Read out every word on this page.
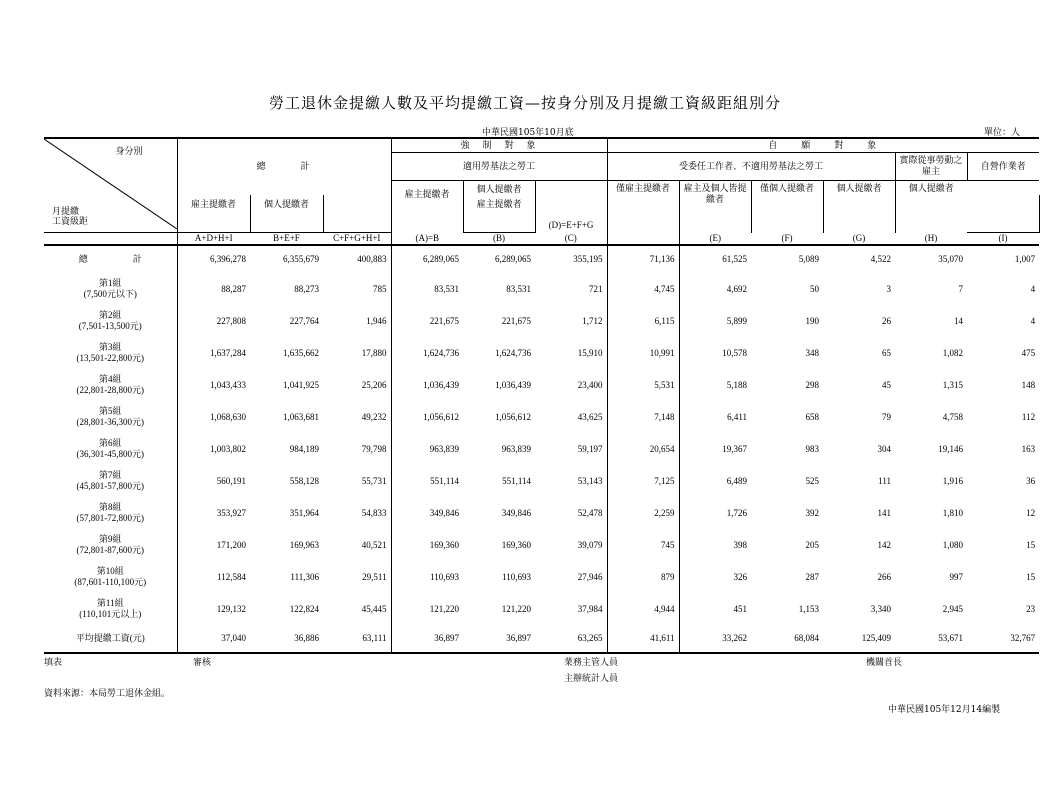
勞工退休金提繳人數及平均提繳工資—按身分別及月提繳工資級距組別分
中華民國105年10月底	單位：人
身分別
月提繳
工資級距	總　　　計			強　制　對　象			自　　願　　對　　象					
				適用勞基法之勞工			受委任工作者、不適用勞基法之勞工				實際從事勞動之雇主	自營作業者
				雇主提繳者	個人提繳者	(D)=E+F+G	僅雇主提繳者	雇主及個人皆提繳者	僅個人提繳者	個人提繳者	個人提繳者	
	雇主提繳者	個人提繳者			雇主提繳者							
	A+D+H+I	B+E+F	C+F+G+H+I	(A)=B	(B)	(C)		(E)	(F)	(G)	(H)	(I)
總　　　　　計	6,396,278	6,355,679	400,883	6,289,065	6,289,065	355,195	71,136	61,525	5,089	4,522	35,070	1,007
第1組
(7,500元以下)	88,287	88,273	785	83,531	83,531	721	4,745	4,692	50	3	7	4
第2組
(7,501-13,500元)	227,808	227,764	1,946	221,675	221,675	1,712	6,115	5,899	190	26	14	4
第3組
(13,501-22,800元)	1,637,284	1,635,662	17,880	1,624,736	1,624,736	15,910	10,991	10,578	348	65	1,082	475
第4組
(22,801-28,800元)	1,043,433	1,041,925	25,206	1,036,439	1,036,439	23,400	5,531	5,188	298	45	1,315	148
第5組
(28,801-36,300元)	1,068,630	1,063,681	49,232	1,056,612	1,056,612	43,625	7,148	6,411	658	79	4,758	112
第6組
(36,301-45,800元)	1,003,802	984,189	79,798	963,839	963,839	59,197	20,654	19,367	983	304	19,146	163
第7組
(45,801-57,800元)	560,191	558,128	55,731	551,114	551,114	53,143	7,125	6,489	525	111	1,916	36
第8組
(57,801-72,800元)	353,927	351,964	54,833	349,846	349,846	52,478	2,259	1,726	392	141	1,810	12
第9組
(72,801-87,600元)	171,200	169,963	40,521	169,360	169,360	39,079	745	398	205	142	1,080	15
第10組
(87,601-110,100元)	112,584	111,306	29,511	110,693	110,693	27,946	879	326	287	266	997	15
第11組
(110,101元以上)	129,132	122,824	45,445	121,220	121,220	37,984	4,944	451	1,153	3,340	2,945	23
平均提繳工資(元)	37,040	36,886	63,111	36,897	36,897	63,265	41,611	33,262	68,084	125,409	53,671	32,767
填表	審核	業務主管人員
主辦統計人員
機關首長
資料來源：本局勞工退休金組。
中華民國105年12月14編製
